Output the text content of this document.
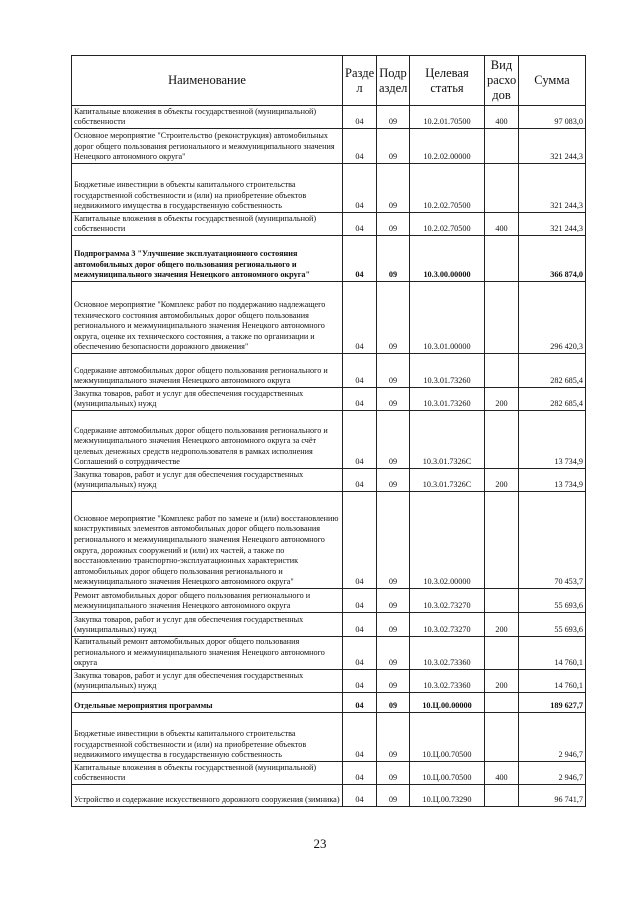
Наименование	Разде л	Подр аздел	Целевая статья	Вид расхо дов	Сумма
Капитальные вложения в объекты государственной (муниципальной) собственности	04	09	10.2.01.70500	400	97 083,0
Основное мероприятие "Строительство (реконструкция) автомобильных дорог общего пользования регионального и межмуниципального значения Ненецкого автономного округа"	04	09	10.2.02.00000		321 244,3
Бюджетные инвестиции в объекты капитального строительства государственной собственности и (или) на приобретение объектов недвижимого имущества в государственную собственность	04	09	10.2.02.70500		321 244,3
Капитальные вложения в объекты государственной (муниципальной) собственности	04	09	10.2.02.70500	400	321 244,3
Подпрограмма 3 "Улучшение эксплуатационного состояния автомобильных дорог общего пользования регионального и межмуниципального значения Ненецкого автономного округа"	04	09	10.3.00.00000		366 874,0
Основное мероприятие "Комплекс работ по поддержанию надлежащего технического состояния автомобильных дорог общего пользования регионального и межмуниципального значения Ненецкого автономного округа, оценке их технического состояния, а также по организации и обеспечению безопасности дорожного движения"	04	09	10.3.01.00000		296 420,3
Содержание автомобильных дорог общего пользования регионального и межмуниципального значения Ненецкого автономного округа	04	09	10.3.01.73260		282 685,4
Закупка товаров, работ и услуг для обеспечения государственных (муниципальных) нужд	04	09	10.3.01.73260	200	282 685,4
Содержание автомобильных дорог общего пользования регионального и межмуниципального значения Ненецкого автономного округа за счёт целевых денежных средств недропользователя в рамках исполнения Соглашений о сотрудничестве	04	09	10.3.01.7326C		13 734,9
Закупка товаров, работ и услуг для обеспечения государственных (муниципальных) нужд	04	09	10.3.01.7326C	200	13 734,9
Основное мероприятие "Комплекс работ по замене и (или) восстановлению конструктивных элементов автомобильных дорог общего пользования регионального и межмуниципального значения Ненецкого автономного округа, дорожных сооружений и (или) их частей, а также по восстановлению транспортно-эксплуатационных характеристик автомобильных дорог общего пользования регионального и межмуниципального значения Ненецкого автономного округа"	04	09	10.3.02.00000		70 453,7
Ремонт автомобильных дорог общего пользования регионального и межмуниципального значения Ненецкого автономного округа	04	09	10.3.02.73270		55 693,6
Закупка товаров, работ и услуг для обеспечения государственных (муниципальных) нужд	04	09	10.3.02.73270	200	55 693,6
Капитальный ремонт автомобильных дорог общего пользования регионального и межмуниципального значения Ненецкого автономного округа	04	09	10.3.02.73360		14 760,1
Закупка товаров, работ и услуг для обеспечения государственных (муниципальных) нужд	04	09	10.3.02.73360	200	14 760,1
Отдельные мероприятия программы	04	09	10.Ц.00.00000		189 627,7
Бюджетные инвестиции в объекты капитального строительства государственной собственности и (или) на приобретение объектов недвижимого имущества в государственную собственность	04	09	10.Ц.00.70500		2 946,7
Капитальные вложения в объекты государственной (муниципальной) собственности	04	09	10.Ц.00.70500	400	2 946,7
Устройство и содержание искусственного дорожного сооружения (зимника)	04	09	10.Ц.00.73290		96 741,7
23
